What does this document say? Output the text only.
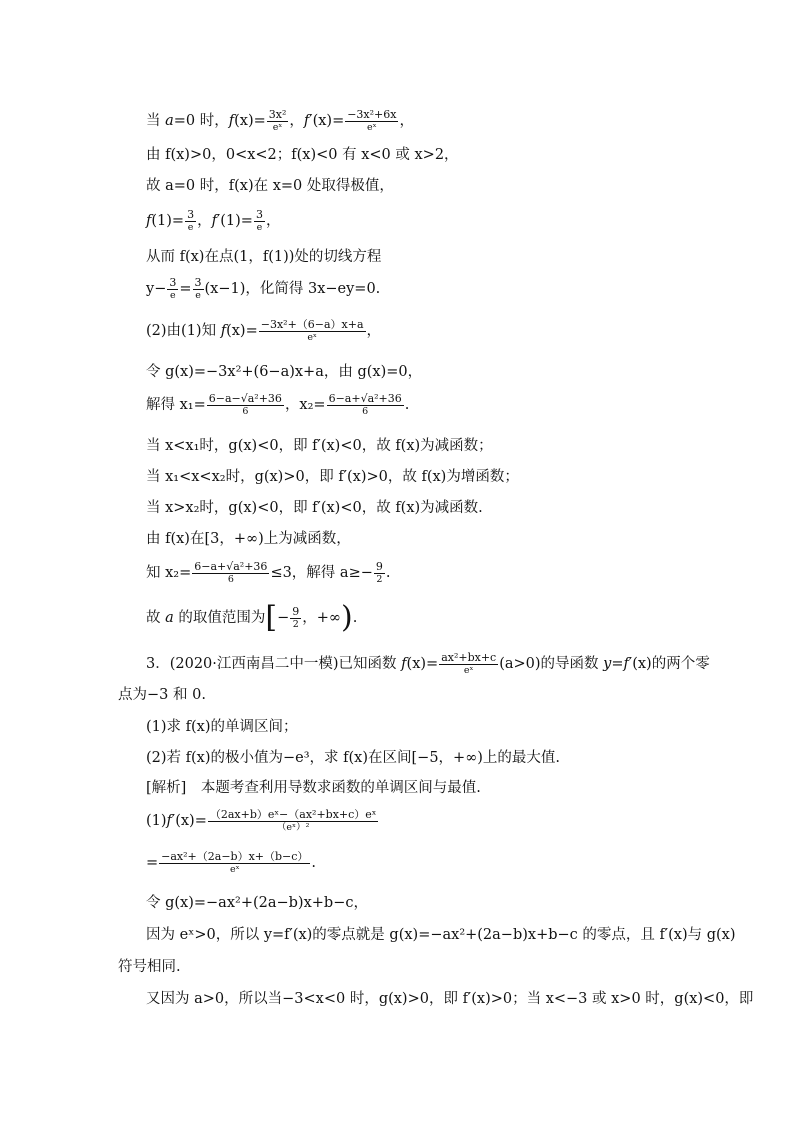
当 a=0 时，$f(x)= \frac{\text{3x²}}{\text{eˣ}}$ ，$f'(x)= \frac{\text{−3x²+6x}}{\text{eˣ}}$ ，
由 f(x)>0，0<x<2；f(x)<0 有 x<0 或 x>2，
故 a=0 时，f(x)在 x=0 处取得极值，
$f(1)= \frac{3}{e}$ ，$f'(1)= \frac{3}{e}$ ，
从而 f(x)在点(1，f(1))处的切线方程
$y- \frac{3}{e} = \frac{3}{e} (x-1)$，化简得 3x−ey=0.
(2)由(1)知 $f(x)= \frac{\text{−3x²+（6−a）x+a}}{\text{eˣ}}$ ，
令 g(x)=−3x²+(6−a)x+a，由 g(x)=0，
解得 $x_1= \frac{\text{6−a−√a²+36}}{6}$ ，$x_2= \frac{\text{6−a+√a²+36}}{6}$ .
当 x<x₁时，g(x)<0，即 f′(x)<0，故 f(x)为减函数；
当 x₁<x<x₂时，g(x)>0，即 f′(x)>0，故 f(x)为增函数；
当 x>x₂时，g(x)<0，即 f′(x)<0，故 f(x)为减函数.
由 f(x)在[3，+∞)上为减函数，
知 $x_2= \frac{\text{6−a+√a²+36}}{6} \le 3$，解得 $a\ge- \frac{9}{2}$ .
故 a 的取值范围为[− $\frac{9}{2}$ ，+∞).
3．(2020·江西南昌二中一模)已知函数 $f(x)= \frac{\text{ax²+bx+c}}{\text{eˣ}} (a>0)$的导函数 y=f′(x)的两个零
点为−3 和 0.
(1)求 f(x)的单调区间；
(2)若 f(x)的极小值为−e³，求 f(x)在区间[−5，+∞)上的最大值.
[解析]　本题考查利用导数求函数的单调区间与最值.
$(1)f'(x)= \frac{\text{（2ax+b）eˣ−（ax²+bx+c）eˣ}}{\text{（eˣ）²}}$
= $\frac{\text{−ax²+（2a−b）x+（b−c）}}{\text{eˣ}}$ .
令 g(x)=−ax²+(2a−b)x+b−c，
因为 eˣ>0，所以 y=f′(x)的零点就是 g(x)=−ax²+(2a−b)x+b−c 的零点，且 f′(x)与 g(x)
符号相同.
又因为 a>0，所以当−3<x<0 时，g(x)>0，即 f′(x)>0；当 x<−3 或 x>0 时，g(x)<0，即
